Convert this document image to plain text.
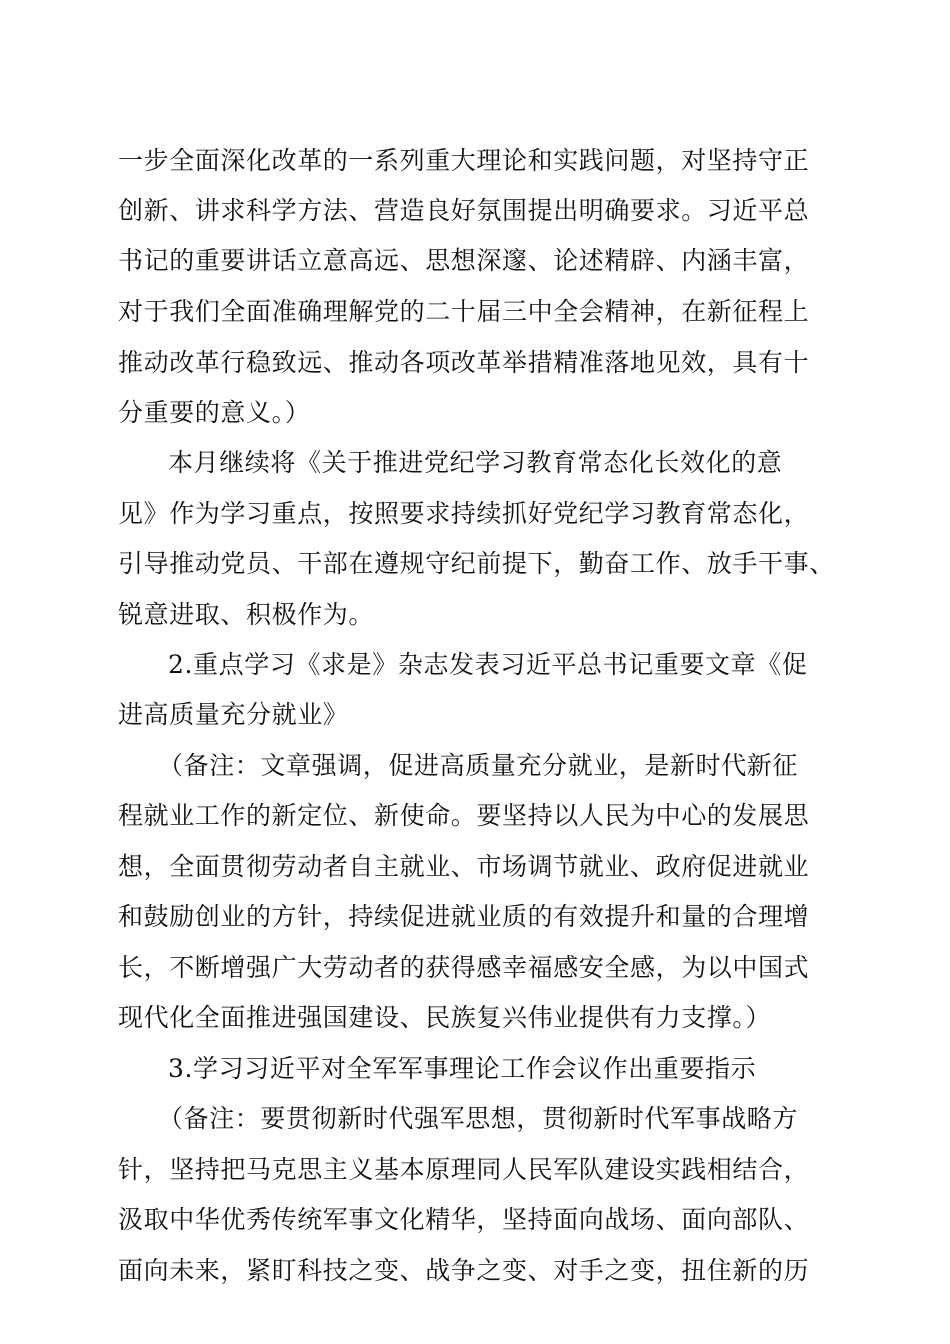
一步全面深化改革的一系列重大理论和实践问题，对坚持守正
创新、讲求科学方法、营造良好氛围提出明确要求。习近平总
书记的重要讲话立意高远、思想深邃、论述精辟、内涵丰富，
对于我们全面准确理解党的二十届三中全会精神，在新征程上
推动改革行稳致远、推动各项改革举措精准落地见效，具有十
分重要的意义。）
本月继续将《关于推进党纪学习教育常态化长效化的意
见》作为学习重点，按照要求持续抓好党纪学习教育常态化，
引导推动党员、干部在遵规守纪前提下，勤奋工作、放手干事、
锐意进取、积极作为。
2.重点学习《求是》杂志发表习近平总书记重要文章《促
进高质量充分就业》
（备注：文章强调，促进高质量充分就业，是新时代新征
程就业工作的新定位、新使命。要坚持以人民为中心的发展思
想，全面贯彻劳动者自主就业、市场调节就业、政府促进就业
和鼓励创业的方针，持续促进就业质的有效提升和量的合理增
长，不断增强广大劳动者的获得感幸福感安全感，为以中国式
现代化全面推进强国建设、民族复兴伟业提供有力支撑。）
3.学习习近平对全军军事理论工作会议作出重要指示
（备注：要贯彻新时代强军思想，贯彻新时代军事战略方
针，坚持把马克思主义基本原理同人民军队建设实践相结合，
汲取中华优秀传统军事文化精华，坚持面向战场、面向部队、
面向未来，紧盯科技之变、战争之变、对手之变，扭住新的历
